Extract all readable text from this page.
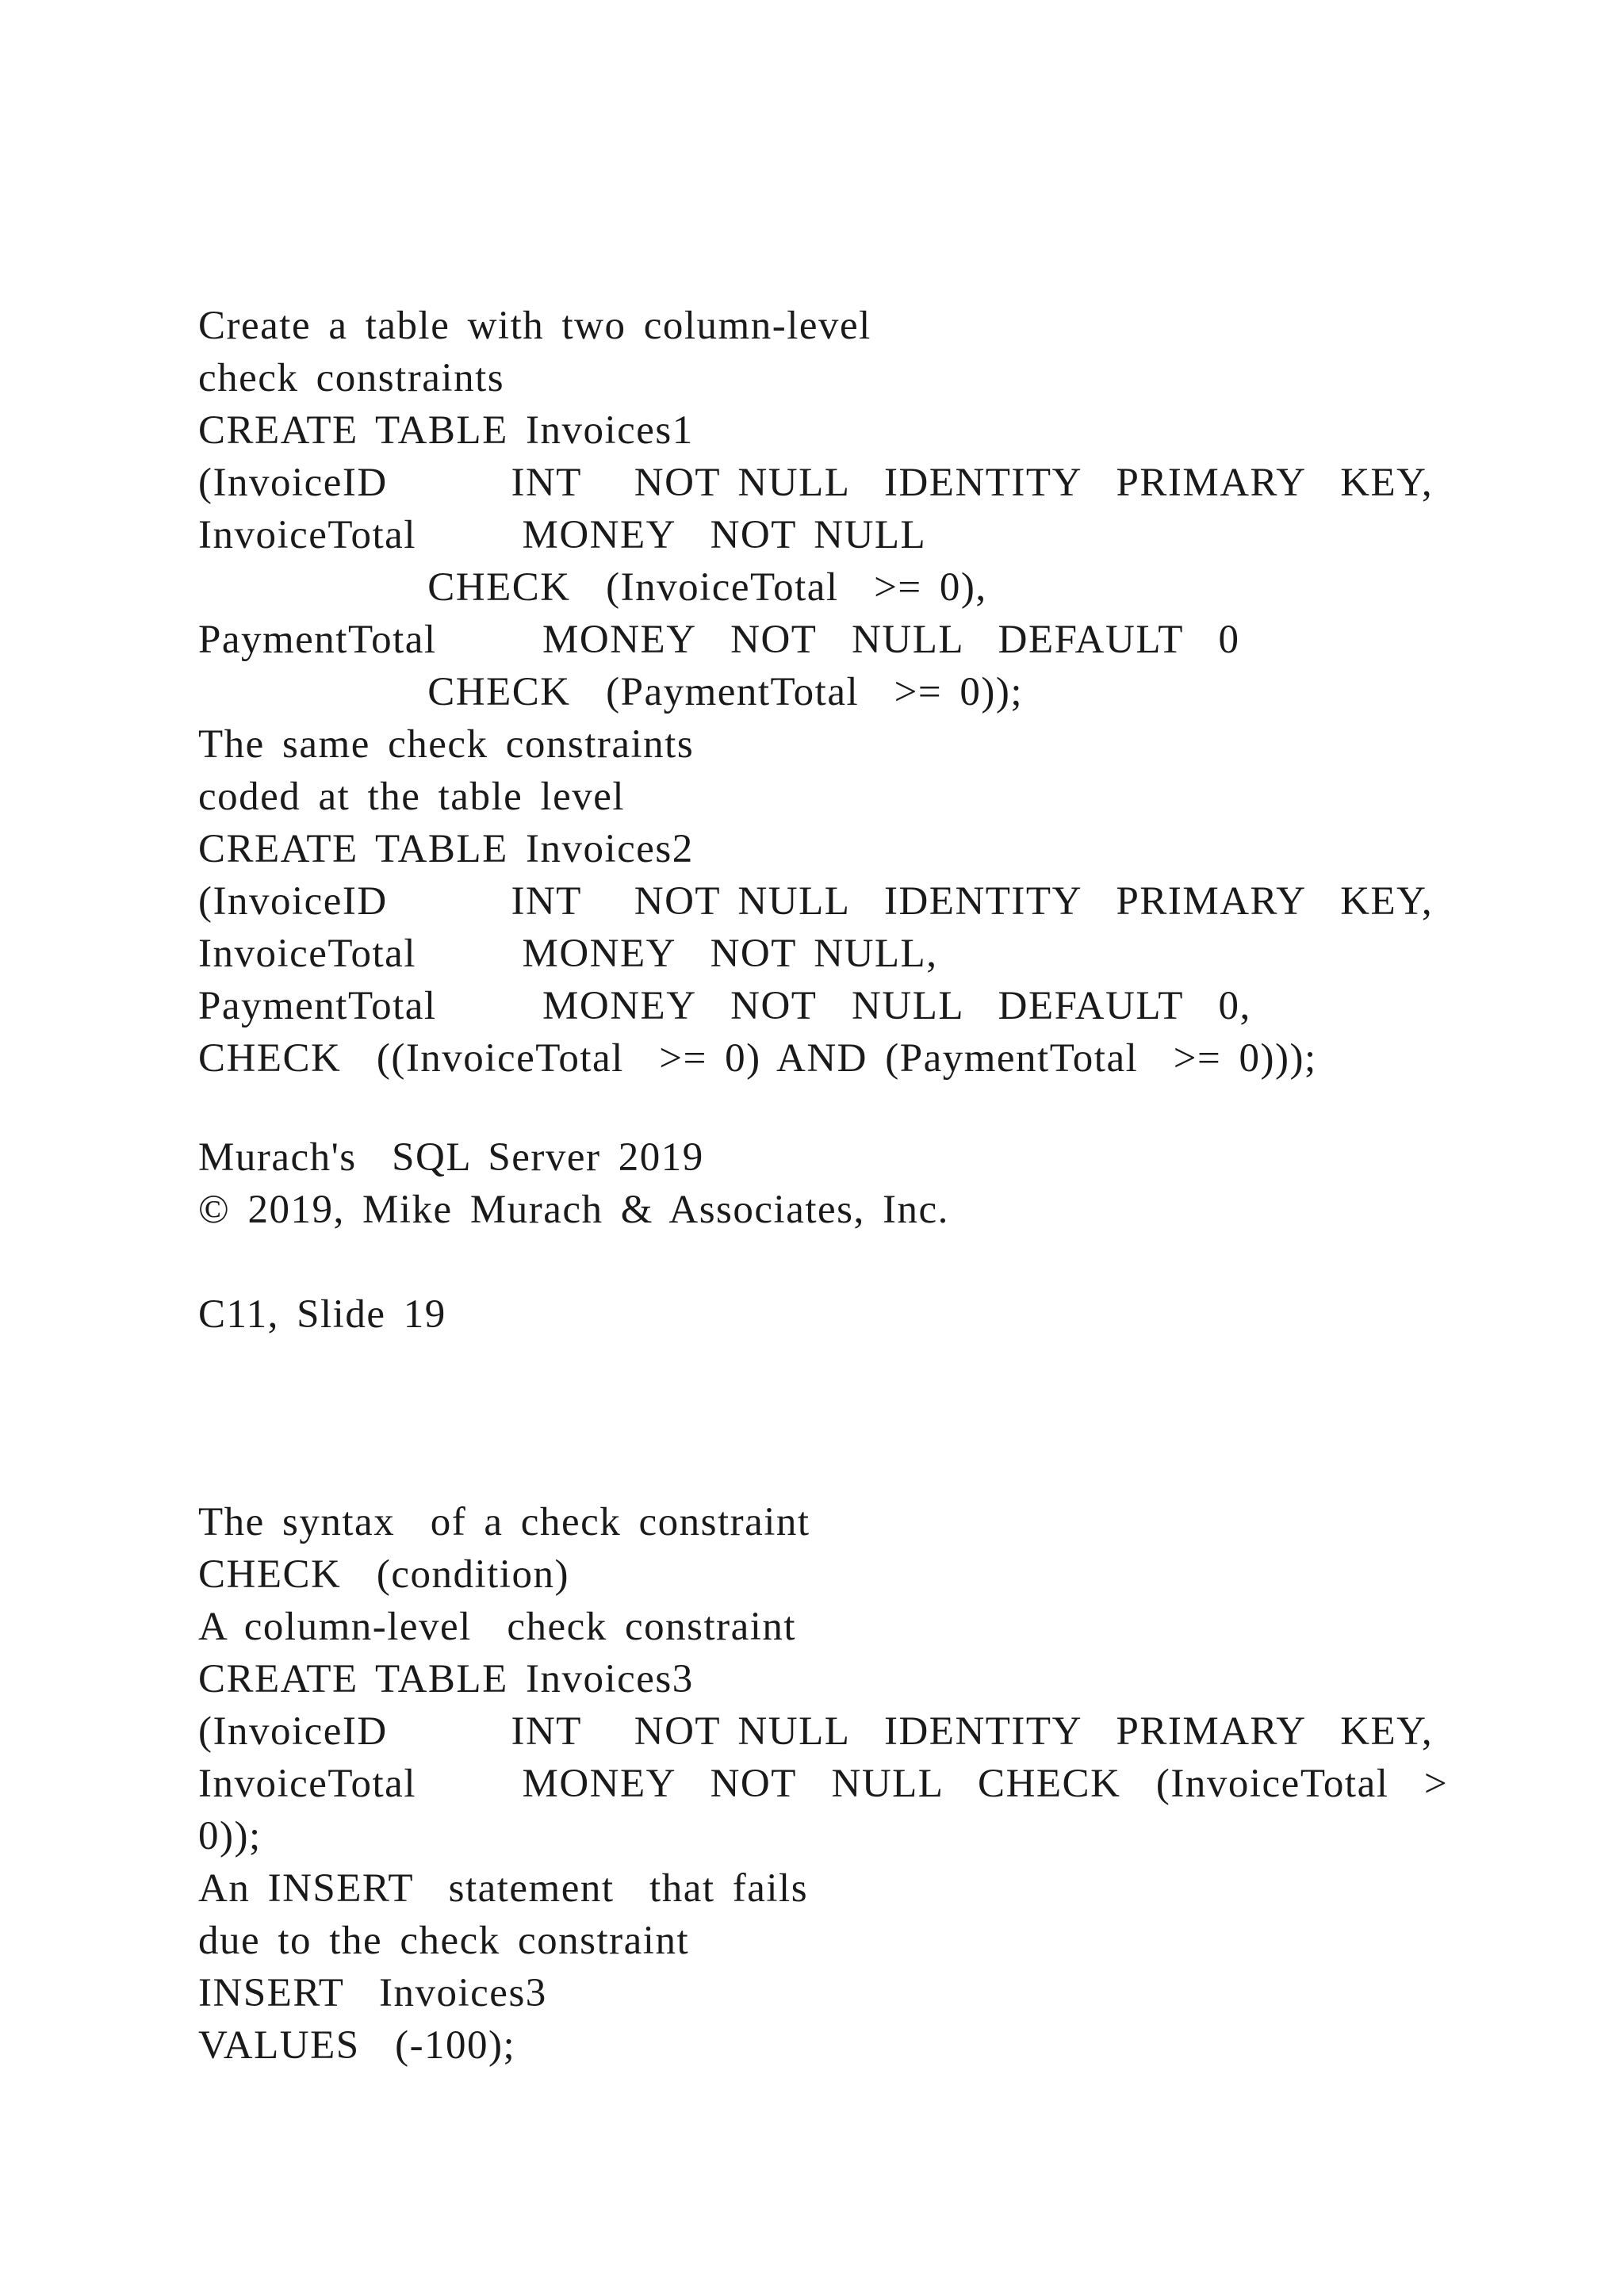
Create a table with two column-level
check constraints
CREATE TABLE Invoices1
(InvoiceID       INT   NOT NULL  IDENTITY  PRIMARY  KEY,
InvoiceTotal      MONEY  NOT NULL
CHECK  (InvoiceTotal  >= 0),
PaymentTotal      MONEY  NOT  NULL  DEFAULT  0
CHECK  (PaymentTotal  >= 0));
The same check constraints
coded at the table level
CREATE TABLE Invoices2
(InvoiceID       INT   NOT NULL  IDENTITY  PRIMARY  KEY,
InvoiceTotal      MONEY  NOT NULL,
PaymentTotal      MONEY  NOT  NULL  DEFAULT  0,
CHECK  ((InvoiceTotal  >= 0) AND (PaymentTotal  >= 0)));
Murach's  SQL Server 2019
© 2019, Mike Murach & Associates, Inc.
C11, Slide 19
The syntax  of a check constraint
CHECK  (condition)
A column-level  check constraint
CREATE TABLE Invoices3
(InvoiceID       INT   NOT NULL  IDENTITY  PRIMARY  KEY,
InvoiceTotal      MONEY  NOT  NULL  CHECK  (InvoiceTotal  >
0));
An INSERT  statement  that fails
due to the check constraint
INSERT  Invoices3
VALUES  (-100);
